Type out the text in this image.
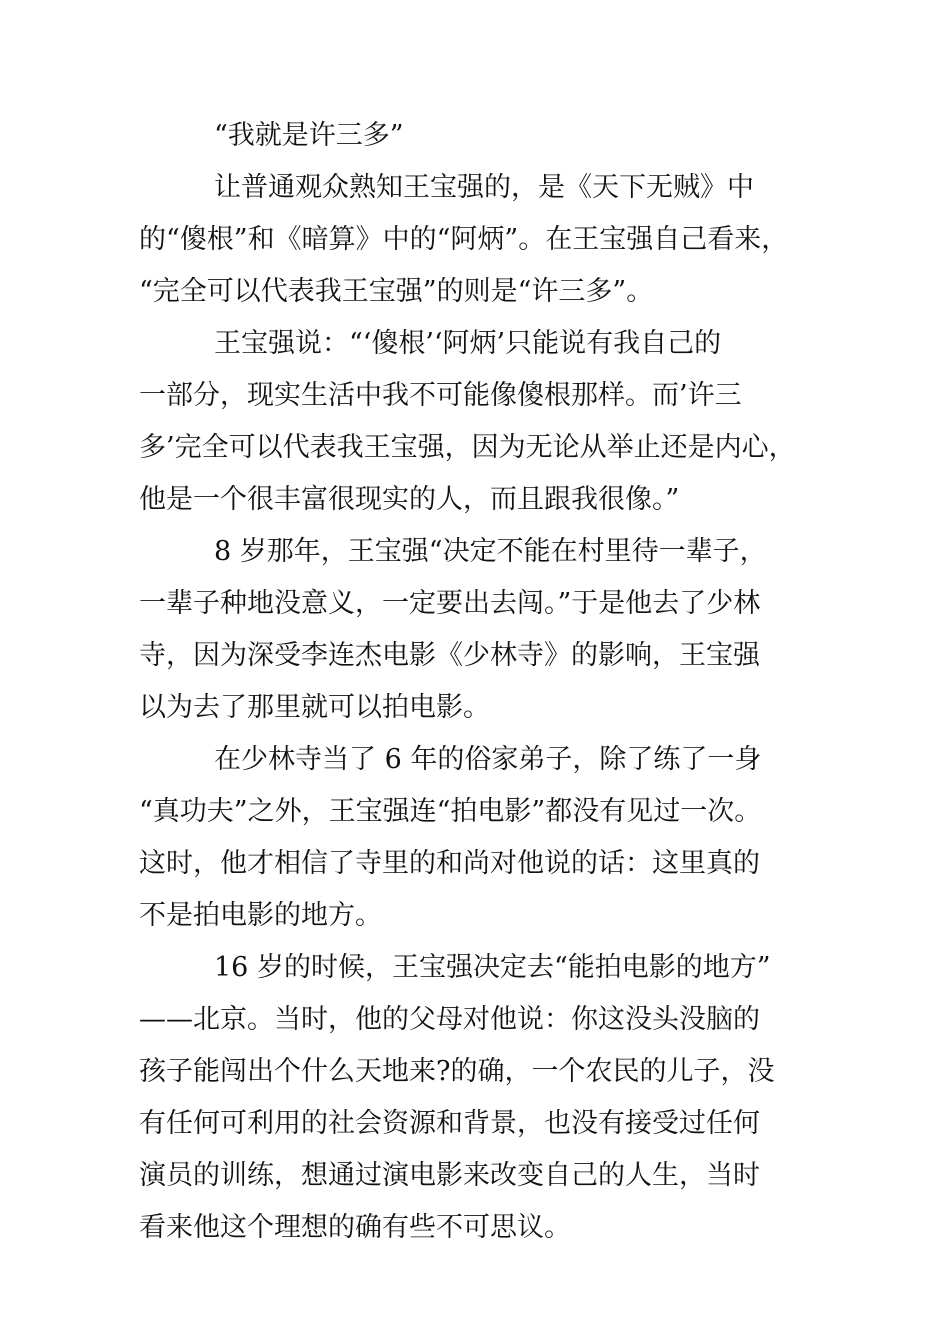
“我就是许三多”
让普通观众熟知王宝强的，是《天下无贼》中
的“傻根”和《暗算》中的“阿炳”。在王宝强自己看来，
“完全可以代表我王宝强”的则是“许三多”。
王宝强说：“‘傻根’‘阿炳’只能说有我自己的
一部分，现实生活中我不可能像傻根那样。而’许三
多’完全可以代表我王宝强，因为无论从举止还是内心，
他是一个很丰富很现实的人，而且跟我很像。”
8 岁那年，王宝强“决定不能在村里待一辈子，
一辈子种地没意义，一定要出去闯。”于是他去了少林
寺，因为深受李连杰电影《少林寺》的影响，王宝强
以为去了那里就可以拍电影。
在少林寺当了 6 年的俗家弟子，除了练了一身
“真功夫”之外，王宝强连“拍电影”都没有见过一次。
这时，他才相信了寺里的和尚对他说的话：这里真的
不是拍电影的地方。
16 岁的时候，王宝强决定去“能拍电影的地方”
——北京。当时，他的父母对他说：你这没头没脑的
孩子能闯出个什么天地来?的确，一个农民的儿子，没
有任何可利用的社会资源和背景，也没有接受过任何
演员的训练，想通过演电影来改变自己的人生，当时
看来他这个理想的确有些不可思议。
